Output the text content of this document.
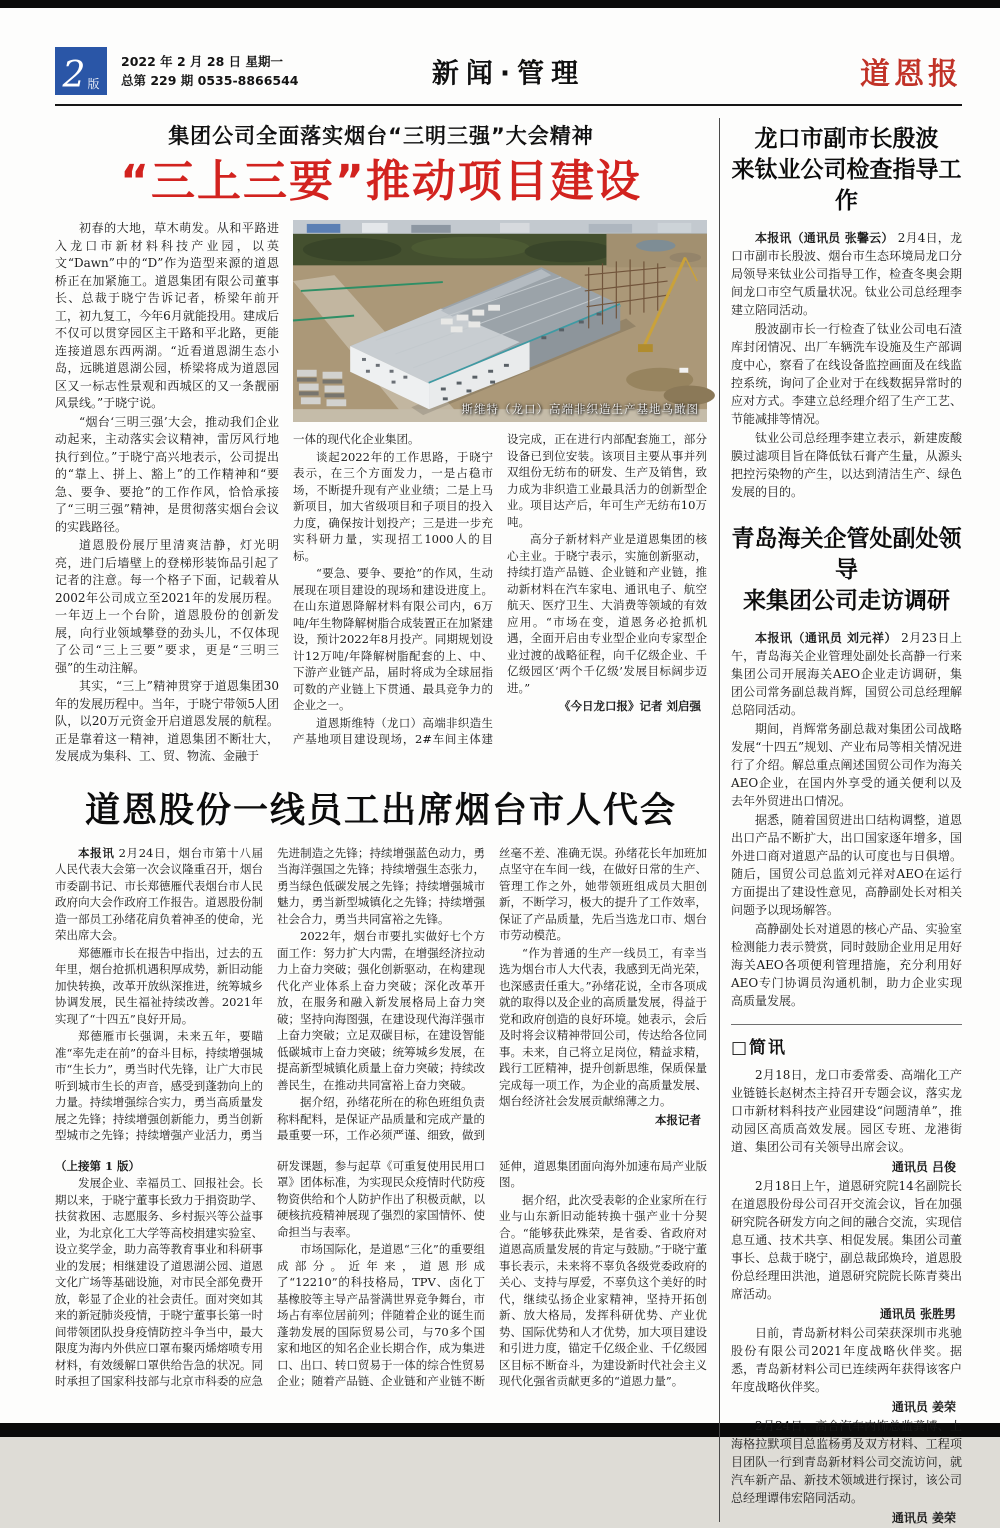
2 版
2022 年 2 月 28 日 星期一
总第 229 期 0535-8866544	新闻·管理	道恩报
集团公司全面落实烟台“三明三强”大会精神
“三上三要”推动项目建设

初春的大地，草木萌发。从和平路进入龙口市新材料科技产业园，以英文“Dawn”中的“D”作为造型来源的道恩桥正在加紧施工。道恩集团有限公司董事长、总裁于晓宁告诉记者，桥梁年前开工，初九复工，今年6月就能投用。建成后不仅可以贯穿园区主干路和平北路，更能连接道恩东西两湖。“近看道恩湖生态小岛，远眺道恩湖公园，桥梁将成为道恩园区又一标志性景观和西城区的又一条靓丽风景线。”于晓宁说。

“烟台‘三明三强’大会，推动我们企业动起来，主动落实会议精神，雷厉风行地执行到位。”于晓宁高兴地表示，公司提出的“靠上、拼上、豁上”的工作精神和“要急、要争、要抢”的工作作风，恰恰承接了“三明三强”精神，是贯彻落实烟台会议的实践路径。

道恩股份展厅里清爽洁静，灯光明亮，进门后墙壁上的登梯形装饰品引起了记者的注意。每一个格子下面，记载着从2002年公司成立至2021年的发展历程。一年迈上一个台阶，道恩股份的创新发展，向行业领域攀登的劲头儿，不仅体现了公司“三上三要”要求，更是“三明三强”的生动注解。

其实，“三上”精神贯穿于道恩集团30年的发展历程中。当年，于晓宁带领5人团队，以20万元资金开启道恩发展的航程。正是靠着这一精神，道恩集团不断壮大，发展成为集科、工、贸、物流、金融于

斯维特（龙口）高端非织造生产基地鸟瞰图

一体的现代化企业集团。

谈起2022年的工作思路，于晓宁表示，在三个方面发力，一是占稳市场，不断提升现有产业业绩；二是上马新项目，加大省级项目和子项目的投入力度，确保按计划投产；三是进一步充实科研力量，实现招工1000人的目标。

“要急、要争、要抢”的作风，生动展现在项目建设的现场和建设进度上。在山东道恩降解材料有限公司内，6万吨/年生物降解树脂合成装置正在加紧建设，预计2022年8月投产。同期规划设计12万吨/年降解树脂配套的上、中、下游产业链产品，届时将成为全球屈指可数的产业链上下贯通、最具竞争力的企业之一。

道恩斯维特（龙口）高端非织造生产基地项目建设现场，2#车间主体建设完成，正在进行内部配套施工，部分设备已到位安装。该项目主要从事并列双组份无纺布的研发、生产及销售，致力成为非织造工业最具活力的创新型企业。项目达产后，年可生产无纺布10万吨。

高分子新材料产业是道恩集团的核心主业。于晓宁表示，实施创新驱动，持续打造产品链、企业链和产业链，推动新材料在汽车家电、通讯电子、航空航天、医疗卫生、大消费等领域的有效应用。“市场在变，道恩务必抢抓机遇，全面开启由专业型企业向专家型企业过渡的战略征程，向千亿级企业、千亿级园区‘两个千亿级’发展目标阔步迈进。”

《今日龙口报》记者 刘启强

道恩股份一线员工出席烟台市人代会

本报讯 2月24日，烟台市第十八届人民代表大会第一次会议隆重召开，烟台市委副书记、市长郑德雁代表烟台市人民政府向大会作政府工作报告。道恩股份制造一部员工孙绪花肩负着神圣的使命，光荣出席大会。

郑德雁市长在报告中指出，过去的五年里，烟台抢抓机遇积厚成势，新旧动能加快转换，改革开放纵深推进，统筹城乡协调发展，民生福祉持续改善。2021年实现了“十四五”良好开局。

郑德雁市长强调，未来五年，要瞄准“率先走在前”的奋斗目标，持续增强城市“生长力”，勇当时代先锋，让广大市民听到城市生长的声音，感受到蓬勃向上的力量。持续增强综合实力，勇当高质量发展之先锋；持续增强创新能力，勇当创新型城市之先锋；持续增强产业活力，勇当先进制造之先锋；持续增强蓝色动力，勇当海洋强国之先锋；持续增强生态张力，勇当绿色低碳发展之先锋；持续增强城市魅力，勇当新型城镇化之先锋；持续增强社会合力，勇当共同富裕之先锋。

2022年，烟台市要扎实做好七个方面工作：努力扩大内需，在增强经济拉动力上奋力突破；强化创新驱动，在构建现代化产业体系上奋力突破；深化改革开放，在服务和融入新发展格局上奋力突破；坚持向海图强，在建设现代海洋强市上奋力突破；立足双碳目标，在建设智能低碳城市上奋力突破；统筹城乡发展，在提高新型城镇化质量上奋力突破；持续改善民生，在推动共同富裕上奋力突破。

据介绍，孙绪花所在的称色班组负责称料配料，是保证产品质量和完成产量的最重要一环，工作必须严谨、细致，做到丝毫不差、准确无误。孙绪花长年加班加点坚守在车间一线，在做好日常的生产、管理工作之外，她带领班组成员大胆创新，不断学习，极大的提升了工作效率，保证了产品质量，先后当选龙口市、烟台市劳动模范。

“作为普通的生产一线员工，有幸当选为烟台市人大代表，我感到无尚光荣，也深感责任重大。”孙绪花说，全市各项成就的取得以及企业的高质量发展，得益于党和政府创造的良好环境。她表示，会后及时将会议精神带回公司，传达给各位同事。未来，自己将立足岗位，精益求精，践行工匠精神，提升创新思维，保质保量完成每一项工作，为企业的高质量发展、烟台经济社会发展贡献绵薄之力。

本报记者

（上接第 1 版）

发展企业、幸福员工、回报社会。长期以来，于晓宁董事长致力于捐资助学、扶贫救困、志愿服务、乡村振兴等公益事业，为北京化工大学等高校捐建实验室、设立奖学金，助力高等教育事业和科研事业的发展；相继建设了道恩湖公园、道恩文化广场等基础设施，对市民全部免费开放，彰显了企业的社会责任。面对突如其来的新冠肺炎疫情，于晓宁董事长第一时间带领团队投身疫情防控斗争当中，最大限度为海内外供应口罩布聚丙烯熔喷专用材料，有效缓解口罩供给告急的状况。同时承担了国家科技部与北京市科委的应急研发课题，参与起草《可重复使用民用口罩》团体标准，为实现民众疫情时代防疫物资供给和个人防护作出了积极贡献，以硬核抗疫精神展现了强烈的家国情怀、使命担当与表率。

市场国际化，是道恩“三化”的重要组成部分。近年来，道恩形成了“12210”的科技格局，TPV、卤化丁基橡胶等主导产品誉满世界竞争舞台，市场占有率位居前列；伴随着企业的诞生而蓬勃发展的国际贸易公司，与70多个国家和地区的知名企业长期合作，成为集进口、出口、转口贸易于一体的综合性贸易企业；随着产品链、企业链和产业链不断延伸，道恩集团面向海外加速布局产业版图。

据介绍，此次受表彰的企业家所在行业与山东新旧动能转换十强产业十分契合。“能够获此殊荣，是省委、省政府对道恩高质量发展的肯定与鼓励。”于晓宁董事长表示，未来将不辜负各级党委政府的关心、支持与厚爱，不辜负这个美好的时代，继续弘扬企业家精神，坚持开拓创新、放大格局，发挥科研优势、产业优势、国际优势和人才优势，加大项目建设和引进力度，锚定千亿级企业、千亿级园区目标不断奋斗，为建设新时代社会主义现代化强省贡献更多的“道恩力量”。

龙口市副市长殷波
来钛业公司检查指导工作

本报讯（通讯员 张馨云） 2月4日，龙口市副市长殷波、烟台市生态环境局龙口分局领导来钛业公司指导工作，检查冬奥会期间龙口市空气质量状况。钛业公司总经理李建立陪同活动。

殷波副市长一行检查了钛业公司电石渣库封闭情况、出厂车辆洗车设施及生产部调度中心，察看了在线设备监控画面及在线监控系统，询问了企业对于在线数据异常时的应对方式。李建立总经理介绍了生产工艺、节能减排等情况。

钛业公司总经理李建立表示，新建废酸膜过滤项目旨在降低钛石膏产生量，从源头把控污染物的产生，以达到清洁生产、绿色发展的目的。

青岛海关企管处副处领导
来集团公司走访调研

本报讯（通讯员 刘元祥） 2月23日上午，青岛海关企业管理处副处长高静一行来集团公司开展海关AEO企业走访调研，集团公司常务副总裁肖辉，国贸公司总经理解总陪同活动。

期间，肖辉常务副总裁对集团公司战略发展“十四五”规划、产业布局等相关情况进行了介绍。解总重点阐述国贸公司作为海关AEO企业，在国内外享受的通关便利以及去年外贸进出口情况。

据悉，随着国贸进出口结构调整，道恩出口产品不断扩大，出口国家逐年增多，国外进口商对道恩产品的认可度也与日俱增。随后，国贸公司总监刘元祥对AEO在运行方面提出了建设性意见，高静副处长对相关问题予以现场解答。

高静副处长对道恩的核心产品、实验室检测能力表示赞赏，同时鼓励企业用足用好海关AEO各项便利管理措施，充分利用好AEO专门协调员沟通机制，助力企业实现高质量发展。

□简讯

2月18日，龙口市委常委、高端化工产业链链长赵树杰主持召开专题会议，落实龙口市新材料科技产业园建设“问题清单”，推动园区高质高效发展。园区专班、龙港街道、集团公司有关领导出席会议。

通讯员 吕俊

2月18日上午，道恩研究院14名副院长在道恩股份母公司召开交流会议，旨在加强研究院各研发方向之间的融合交流，实现信息互通、技术共享、相促发展。集团公司董事长、总裁于晓宁，副总裁邱焕玲，道恩股份总经理田洪池，道恩研究院院长陈青葵出席活动。

通讯员 张胜男

日前，青岛新材料公司荣获深圳市兆驰股份有限公司2021年度战略伙伴奖。据悉，青岛新材料公司已连续两年获得该客户年度战略伙伴奖。

通讯员 姜荣

2月24日，高合汽车内饰总监龚博、上海格拉默项目总监杨勇及双方材料、工程项目团队一行到青岛新材料公司交流访问，就汽车新产品、新技术领域进行探讨，该公司总经理谭伟宏陪同活动。

通讯员 姜荣
